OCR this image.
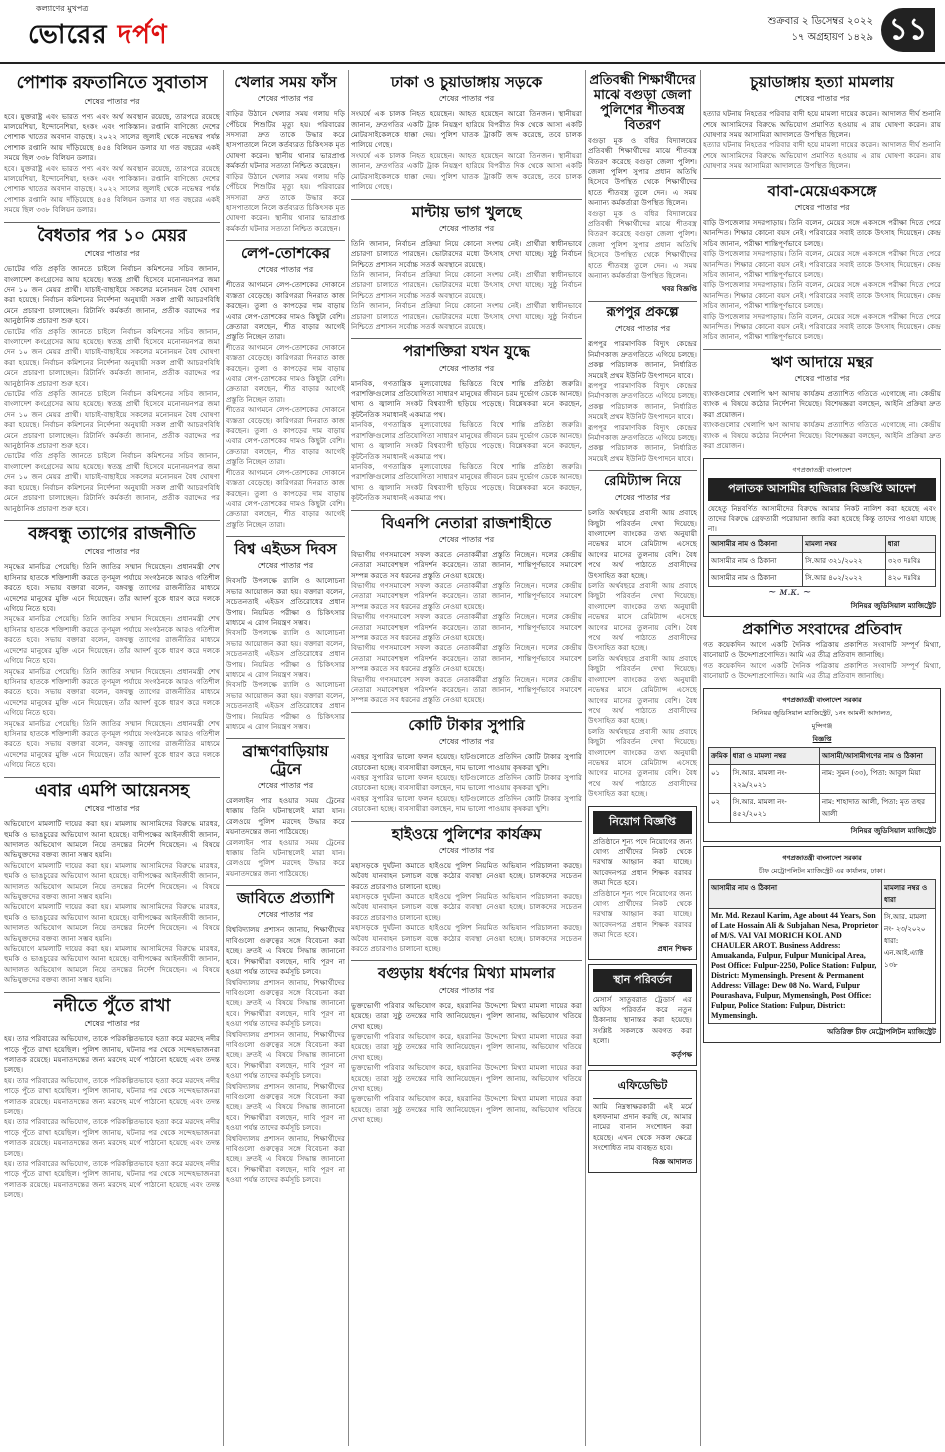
কল্যাণের মুখপত্র
ভোরের দর্পণ	শুক্রবার ২ ডিসেম্বর ২০২২
১৭ অগ্রহায়ণ ১৪২৯ ১১
পোশাক রফতানিতে সুবাতাস
শেষের পাতার পর
হবে। যুক্তরাষ্ট্র এবং ভারত পণ্য এবং অর্থ অবস্থান রয়েছে, তারপরে রয়েছে মালয়েশিয়া, ইন্দোনেশিয়া, হংকং এবং পাকিস্তান। রপ্তানি বাণিজ্যে দেশের পোশাক খাতের অবদান বাড়ছে। ২০২২ সালের জুলাই থেকে নভেম্বর পর্যন্ত পোশাক রপ্তানি আয় দাঁড়িয়েছে ৪৫৪ বিলিয়ন ডলার যা গত বছরের একই সময়ে ছিল ৩৩৮ বিলিয়ন ডলার।
হবে। যুক্তরাষ্ট্র এবং ভারত পণ্য এবং অর্থ অবস্থান রয়েছে, তারপরে রয়েছে মালয়েশিয়া, ইন্দোনেশিয়া, হংকং এবং পাকিস্তান। রপ্তানি বাণিজ্যে দেশের পোশাক খাতের অবদান বাড়ছে। ২০২২ সালের জুলাই থেকে নভেম্বর পর্যন্ত পোশাক রপ্তানি আয় দাঁড়িয়েছে ৪৫৪ বিলিয়ন ডলার যা গত বছরের একই সময়ে ছিল ৩৩৮ বিলিয়ন ডলার।
বৈধতার পর ১০ মেয়র
শেষের পাতার পর
ভোটের গতি প্রকৃতি জানতে চাইলে নির্বাচন কমিশনের সচিব জানান, বাংলাদেশ কংগ্রেসের আয় হয়েছে। স্বতন্ত্র প্রার্থী হিসেবে মনোনয়নপত্র জমা দেন ১০ জন মেয়র প্রার্থী। যাচাই-বাছাইয়ে সকলের মনোনয়ন বৈধ ঘোষণা করা হয়েছে। নির্বাচন কমিশনের নির্দেশনা অনুযায়ী সকল প্রার্থী আচরণবিধি মেনে প্রচারণা চালাচ্ছেন। রিটার্নিং কর্মকর্তা জানান, প্রতীক বরাদ্দের পর আনুষ্ঠানিক প্রচারণা শুরু হবে।
ভোটের গতি প্রকৃতি জানতে চাইলে নির্বাচন কমিশনের সচিব জানান, বাংলাদেশ কংগ্রেসের আয় হয়েছে। স্বতন্ত্র প্রার্থী হিসেবে মনোনয়নপত্র জমা দেন ১০ জন মেয়র প্রার্থী। যাচাই-বাছাইয়ে সকলের মনোনয়ন বৈধ ঘোষণা করা হয়েছে। নির্বাচন কমিশনের নির্দেশনা অনুযায়ী সকল প্রার্থী আচরণবিধি মেনে প্রচারণা চালাচ্ছেন। রিটার্নিং কর্মকর্তা জানান, প্রতীক বরাদ্দের পর আনুষ্ঠানিক প্রচারণা শুরু হবে।
ভোটের গতি প্রকৃতি জানতে চাইলে নির্বাচন কমিশনের সচিব জানান, বাংলাদেশ কংগ্রেসের আয় হয়েছে। স্বতন্ত্র প্রার্থী হিসেবে মনোনয়নপত্র জমা দেন ১০ জন মেয়র প্রার্থী। যাচাই-বাছাইয়ে সকলের মনোনয়ন বৈধ ঘোষণা করা হয়েছে। নির্বাচন কমিশনের নির্দেশনা অনুযায়ী সকল প্রার্থী আচরণবিধি মেনে প্রচারণা চালাচ্ছেন। রিটার্নিং কর্মকর্তা জানান, প্রতীক বরাদ্দের পর আনুষ্ঠানিক প্রচারণা শুরু হবে।
ভোটের গতি প্রকৃতি জানতে চাইলে নির্বাচন কমিশনের সচিব জানান, বাংলাদেশ কংগ্রেসের আয় হয়েছে। স্বতন্ত্র প্রার্থী হিসেবে মনোনয়নপত্র জমা দেন ১০ জন মেয়র প্রার্থী। যাচাই-বাছাইয়ে সকলের মনোনয়ন বৈধ ঘোষণা করা হয়েছে। নির্বাচন কমিশনের নির্দেশনা অনুযায়ী সকল প্রার্থী আচরণবিধি মেনে প্রচারণা চালাচ্ছেন। রিটার্নিং কর্মকর্তা জানান, প্রতীক বরাদ্দের পর আনুষ্ঠানিক প্রচারণা শুরু হবে।
বঙ্গবন্ধু ত্যাগের রাজনীতি
শেষের পাতার পর
সমৃদ্ধের মানচিত্র পেয়েছি। তিনি জাতির সম্মান দিয়েছেন। প্রধানমন্ত্রী শেখ হাসিনার হাতকে শক্তিশালী করতে তৃণমূল পর্যায়ে সংগঠনকে আরও গতিশীল করতে হবে। সভায় বক্তারা বলেন, বঙ্গবন্ধু ত্যাগের রাজনীতির মাধ্যমে এদেশের মানুষের মুক্তি এনে দিয়েছেন। তাঁর আদর্শ বুকে ধারণ করে দলকে এগিয়ে নিতে হবে।
সমৃদ্ধের মানচিত্র পেয়েছি। তিনি জাতির সম্মান দিয়েছেন। প্রধানমন্ত্রী শেখ হাসিনার হাতকে শক্তিশালী করতে তৃণমূল পর্যায়ে সংগঠনকে আরও গতিশীল করতে হবে। সভায় বক্তারা বলেন, বঙ্গবন্ধু ত্যাগের রাজনীতির মাধ্যমে এদেশের মানুষের মুক্তি এনে দিয়েছেন। তাঁর আদর্শ বুকে ধারণ করে দলকে এগিয়ে নিতে হবে।
সমৃদ্ধের মানচিত্র পেয়েছি। তিনি জাতির সম্মান দিয়েছেন। প্রধানমন্ত্রী শেখ হাসিনার হাতকে শক্তিশালী করতে তৃণমূল পর্যায়ে সংগঠনকে আরও গতিশীল করতে হবে। সভায় বক্তারা বলেন, বঙ্গবন্ধু ত্যাগের রাজনীতির মাধ্যমে এদেশের মানুষের মুক্তি এনে দিয়েছেন। তাঁর আদর্শ বুকে ধারণ করে দলকে এগিয়ে নিতে হবে।
সমৃদ্ধের মানচিত্র পেয়েছি। তিনি জাতির সম্মান দিয়েছেন। প্রধানমন্ত্রী শেখ হাসিনার হাতকে শক্তিশালী করতে তৃণমূল পর্যায়ে সংগঠনকে আরও গতিশীল করতে হবে। সভায় বক্তারা বলেন, বঙ্গবন্ধু ত্যাগের রাজনীতির মাধ্যমে এদেশের মানুষের মুক্তি এনে দিয়েছেন। তাঁর আদর্শ বুকে ধারণ করে দলকে এগিয়ে নিতে হবে।
এবার এমপি আয়েনসহ
শেষের পাতার পর
অভিযোগে মামলাটি দায়ের করা হয়। মামলায় আসামিদের বিরুদ্ধে মারধর, হুমকি ও ভাঙচুরের অভিযোগ আনা হয়েছে। বাদীপক্ষের আইনজীবী জানান, আদালত অভিযোগ আমলে নিয়ে তদন্তের নির্দেশ দিয়েছেন। এ বিষয়ে অভিযুক্তদের বক্তব্য জানা সম্ভব হয়নি।
অভিযোগে মামলাটি দায়ের করা হয়। মামলায় আসামিদের বিরুদ্ধে মারধর, হুমকি ও ভাঙচুরের অভিযোগ আনা হয়েছে। বাদীপক্ষের আইনজীবী জানান, আদালত অভিযোগ আমলে নিয়ে তদন্তের নির্দেশ দিয়েছেন। এ বিষয়ে অভিযুক্তদের বক্তব্য জানা সম্ভব হয়নি।
অভিযোগে মামলাটি দায়ের করা হয়। মামলায় আসামিদের বিরুদ্ধে মারধর, হুমকি ও ভাঙচুরের অভিযোগ আনা হয়েছে। বাদীপক্ষের আইনজীবী জানান, আদালত অভিযোগ আমলে নিয়ে তদন্তের নির্দেশ দিয়েছেন। এ বিষয়ে অভিযুক্তদের বক্তব্য জানা সম্ভব হয়নি।
অভিযোগে মামলাটি দায়ের করা হয়। মামলায় আসামিদের বিরুদ্ধে মারধর, হুমকি ও ভাঙচুরের অভিযোগ আনা হয়েছে। বাদীপক্ষের আইনজীবী জানান, আদালত অভিযোগ আমলে নিয়ে তদন্তের নির্দেশ দিয়েছেন। এ বিষয়ে অভিযুক্তদের বক্তব্য জানা সম্ভব হয়নি।
নদীতে পুঁতে রাখা
শেষের পাতার পর
হয়। তার পরিবারের অভিযোগ, তাকে পরিকল্পিতভাবে হত্যা করে মরদেহ নদীর পাড়ে পুঁতে রাখা হয়েছিল। পুলিশ জানায়, ঘটনার পর থেকে সন্দেহভাজনরা পলাতক রয়েছে। ময়নাতদন্তের জন্য মরদেহ মর্গে পাঠানো হয়েছে এবং তদন্ত চলছে।
হয়। তার পরিবারের অভিযোগ, তাকে পরিকল্পিতভাবে হত্যা করে মরদেহ নদীর পাড়ে পুঁতে রাখা হয়েছিল। পুলিশ জানায়, ঘটনার পর থেকে সন্দেহভাজনরা পলাতক রয়েছে। ময়নাতদন্তের জন্য মরদেহ মর্গে পাঠানো হয়েছে এবং তদন্ত চলছে।
হয়। তার পরিবারের অভিযোগ, তাকে পরিকল্পিতভাবে হত্যা করে মরদেহ নদীর পাড়ে পুঁতে রাখা হয়েছিল। পুলিশ জানায়, ঘটনার পর থেকে সন্দেহভাজনরা পলাতক রয়েছে। ময়নাতদন্তের জন্য মরদেহ মর্গে পাঠানো হয়েছে এবং তদন্ত চলছে।
হয়। তার পরিবারের অভিযোগ, তাকে পরিকল্পিতভাবে হত্যা করে মরদেহ নদীর পাড়ে পুঁতে রাখা হয়েছিল। পুলিশ জানায়, ঘটনার পর থেকে সন্দেহভাজনরা পলাতক রয়েছে। ময়নাতদন্তের জন্য মরদেহ মর্গে পাঠানো হয়েছে এবং তদন্ত চলছে।
খেলার সময় ফাঁস
শেষের পাতার পর
বাড়ির উঠানে খেলার সময় গলায় দড়ি পেঁচিয়ে শিশুটির মৃত্যু হয়। পরিবারের সদস্যরা দ্রুত তাকে উদ্ধার করে হাসপাতালে নিলে কর্তব্যরত চিকিৎসক মৃত ঘোষণা করেন। স্থানীয় থানার ভারপ্রাপ্ত কর্মকর্তা ঘটনার সত্যতা নিশ্চিত করেছেন।
বাড়ির উঠানে খেলার সময় গলায় দড়ি পেঁচিয়ে শিশুটির মৃত্যু হয়। পরিবারের সদস্যরা দ্রুত তাকে উদ্ধার করে হাসপাতালে নিলে কর্তব্যরত চিকিৎসক মৃত ঘোষণা করেন। স্থানীয় থানার ভারপ্রাপ্ত কর্মকর্তা ঘটনার সত্যতা নিশ্চিত করেছেন।
লেপ-তোশকের
শেষের পাতার পর
শীতের আগমনে লেপ-তোশকের দোকানে ব্যস্ততা বেড়েছে। কারিগররা দিনরাত কাজ করছেন। তুলা ও কাপড়ের দাম বাড়ায় এবার লেপ-তোশকের দামও কিছুটা বেশি। ক্রেতারা বলছেন, শীত বাড়ার আগেই প্রস্তুতি নিচ্ছেন তারা।
শীতের আগমনে লেপ-তোশকের দোকানে ব্যস্ততা বেড়েছে। কারিগররা দিনরাত কাজ করছেন। তুলা ও কাপড়ের দাম বাড়ায় এবার লেপ-তোশকের দামও কিছুটা বেশি। ক্রেতারা বলছেন, শীত বাড়ার আগেই প্রস্তুতি নিচ্ছেন তারা।
শীতের আগমনে লেপ-তোশকের দোকানে ব্যস্ততা বেড়েছে। কারিগররা দিনরাত কাজ করছেন। তুলা ও কাপড়ের দাম বাড়ায় এবার লেপ-তোশকের দামও কিছুটা বেশি। ক্রেতারা বলছেন, শীত বাড়ার আগেই প্রস্তুতি নিচ্ছেন তারা।
শীতের আগমনে লেপ-তোশকের দোকানে ব্যস্ততা বেড়েছে। কারিগররা দিনরাত কাজ করছেন। তুলা ও কাপড়ের দাম বাড়ায় এবার লেপ-তোশকের দামও কিছুটা বেশি। ক্রেতারা বলছেন, শীত বাড়ার আগেই প্রস্তুতি নিচ্ছেন তারা।
বিশ্ব এইডস দিবস
শেষের পাতার পর
দিবসটি উপলক্ষে র‌্যালি ও আলোচনা সভার আয়োজন করা হয়। বক্তারা বলেন, সচেতনতাই এইডস প্রতিরোধের প্রধান উপায়। নিয়মিত পরীক্ষা ও চিকিৎসার মাধ্যমে এ রোগ নিয়ন্ত্রণ সম্ভব।
দিবসটি উপলক্ষে র‌্যালি ও আলোচনা সভার আয়োজন করা হয়। বক্তারা বলেন, সচেতনতাই এইডস প্রতিরোধের প্রধান উপায়। নিয়মিত পরীক্ষা ও চিকিৎসার মাধ্যমে এ রোগ নিয়ন্ত্রণ সম্ভব।
দিবসটি উপলক্ষে র‌্যালি ও আলোচনা সভার আয়োজন করা হয়। বক্তারা বলেন, সচেতনতাই এইডস প্রতিরোধের প্রধান উপায়। নিয়মিত পরীক্ষা ও চিকিৎসার মাধ্যমে এ রোগ নিয়ন্ত্রণ সম্ভব।
ব্রাহ্মণবাড়িয়ায় ট্রেনে
শেষের পাতার পর
রেললাইন পার হওয়ার সময় ট্রেনের ধাক্কায় তিনি ঘটনাস্থলেই মারা যান। রেলওয়ে পুলিশ মরদেহ উদ্ধার করে ময়নাতদন্তের জন্য পাঠিয়েছে।
রেললাইন পার হওয়ার সময় ট্রেনের ধাক্কায় তিনি ঘটনাস্থলেই মারা যান। রেলওয়ে পুলিশ মরদেহ উদ্ধার করে ময়নাতদন্তের জন্য পাঠিয়েছে।
জাবিতে প্রত্যাশি
শেষের পাতার পর
বিশ্ববিদ্যালয় প্রশাসন জানায়, শিক্ষার্থীদের দাবিগুলো গুরুত্বের সঙ্গে বিবেচনা করা হচ্ছে। দ্রুতই এ বিষয়ে সিদ্ধান্ত জানানো হবে। শিক্ষার্থীরা বলছেন, দাবি পূরণ না হওয়া পর্যন্ত তাদের কর্মসূচি চলবে।
বিশ্ববিদ্যালয় প্রশাসন জানায়, শিক্ষার্থীদের দাবিগুলো গুরুত্বের সঙ্গে বিবেচনা করা হচ্ছে। দ্রুতই এ বিষয়ে সিদ্ধান্ত জানানো হবে। শিক্ষার্থীরা বলছেন, দাবি পূরণ না হওয়া পর্যন্ত তাদের কর্মসূচি চলবে।
বিশ্ববিদ্যালয় প্রশাসন জানায়, শিক্ষার্থীদের দাবিগুলো গুরুত্বের সঙ্গে বিবেচনা করা হচ্ছে। দ্রুতই এ বিষয়ে সিদ্ধান্ত জানানো হবে। শিক্ষার্থীরা বলছেন, দাবি পূরণ না হওয়া পর্যন্ত তাদের কর্মসূচি চলবে।
বিশ্ববিদ্যালয় প্রশাসন জানায়, শিক্ষার্থীদের দাবিগুলো গুরুত্বের সঙ্গে বিবেচনা করা হচ্ছে। দ্রুতই এ বিষয়ে সিদ্ধান্ত জানানো হবে। শিক্ষার্থীরা বলছেন, দাবি পূরণ না হওয়া পর্যন্ত তাদের কর্মসূচি চলবে।
বিশ্ববিদ্যালয় প্রশাসন জানায়, শিক্ষার্থীদের দাবিগুলো গুরুত্বের সঙ্গে বিবেচনা করা হচ্ছে। দ্রুতই এ বিষয়ে সিদ্ধান্ত জানানো হবে। শিক্ষার্থীরা বলছেন, দাবি পূরণ না হওয়া পর্যন্ত তাদের কর্মসূচি চলবে।
ঢাকা ও চুয়াডাঙ্গায় সড়কে
শেষের পাতার পর
সংঘর্ষে এক চালক নিহত হয়েছেন। আহত হয়েছেন আরো তিনজন। স্থানীয়রা জানান, দ্রুতগতির একটি ট্রাক নিয়ন্ত্রণ হারিয়ে বিপরীত দিক থেকে আসা একটি মোটরসাইকেলকে ধাক্কা দেয়। পুলিশ ঘাতক ট্রাকটি জব্দ করেছে, তবে চালক পালিয়ে গেছে।
সংঘর্ষে এক চালক নিহত হয়েছেন। আহত হয়েছেন আরো তিনজন। স্থানীয়রা জানান, দ্রুতগতির একটি ট্রাক নিয়ন্ত্রণ হারিয়ে বিপরীত দিক থেকে আসা একটি মোটরসাইকেলকে ধাক্কা দেয়। পুলিশ ঘাতক ট্রাকটি জব্দ করেছে, তবে চালক পালিয়ে গেছে।
মান্টায় ভাগ খুলছে
শেষের পাতার পর
তিনি জানান, নির্বাচন প্রক্রিয়া নিয়ে কোনো সংশয় নেই। প্রার্থীরা স্বাধীনভাবে প্রচারণা চালাতে পারছেন। ভোটারদের মধ্যে উৎসাহ দেখা যাচ্ছে। সুষ্ঠু নির্বাচন নিশ্চিতে প্রশাসন সর্বোচ্চ সতর্ক অবস্থানে রয়েছে।
তিনি জানান, নির্বাচন প্রক্রিয়া নিয়ে কোনো সংশয় নেই। প্রার্থীরা স্বাধীনভাবে প্রচারণা চালাতে পারছেন। ভোটারদের মধ্যে উৎসাহ দেখা যাচ্ছে। সুষ্ঠু নির্বাচন নিশ্চিতে প্রশাসন সর্বোচ্চ সতর্ক অবস্থানে রয়েছে।
তিনি জানান, নির্বাচন প্রক্রিয়া নিয়ে কোনো সংশয় নেই। প্রার্থীরা স্বাধীনভাবে প্রচারণা চালাতে পারছেন। ভোটারদের মধ্যে উৎসাহ দেখা যাচ্ছে। সুষ্ঠু নির্বাচন নিশ্চিতে প্রশাসন সর্বোচ্চ সতর্ক অবস্থানে রয়েছে।
পরাশক্তিরা যখন যুদ্ধে
শেষের পাতার পর
মানবিক, গণতান্ত্রিক মূল্যবোধের ভিত্তিতে বিশ্বে শান্তি প্রতিষ্ঠা জরুরি। পরাশক্তিগুলোর প্রতিযোগিতা সাধারণ মানুষের জীবনে চরম দুর্ভোগ ডেকে আনছে। খাদ্য ও জ্বালানি সংকট বিশ্বব্যাপী ছড়িয়ে পড়েছে। বিশ্লেষকরা মনে করছেন, কূটনৈতিক সমাধানই একমাত্র পথ।
মানবিক, গণতান্ত্রিক মূল্যবোধের ভিত্তিতে বিশ্বে শান্তি প্রতিষ্ঠা জরুরি। পরাশক্তিগুলোর প্রতিযোগিতা সাধারণ মানুষের জীবনে চরম দুর্ভোগ ডেকে আনছে। খাদ্য ও জ্বালানি সংকট বিশ্বব্যাপী ছড়িয়ে পড়েছে। বিশ্লেষকরা মনে করছেন, কূটনৈতিক সমাধানই একমাত্র পথ।
মানবিক, গণতান্ত্রিক মূল্যবোধের ভিত্তিতে বিশ্বে শান্তি প্রতিষ্ঠা জরুরি। পরাশক্তিগুলোর প্রতিযোগিতা সাধারণ মানুষের জীবনে চরম দুর্ভোগ ডেকে আনছে। খাদ্য ও জ্বালানি সংকট বিশ্বব্যাপী ছড়িয়ে পড়েছে। বিশ্লেষকরা মনে করছেন, কূটনৈতিক সমাধানই একমাত্র পথ।
বিএনপি নেতারা রাজশাহীতে
শেষের পাতার পর
বিভাগীয় গণসমাবেশ সফল করতে নেতাকর্মীরা প্রস্তুতি নিচ্ছেন। দলের কেন্দ্রীয় নেতারা সমাবেশস্থল পরিদর্শন করেছেন। তারা জানান, শান্তিপূর্ণভাবে সমাবেশ সম্পন্ন করতে সব ধরনের প্রস্তুতি নেওয়া হয়েছে।
বিভাগীয় গণসমাবেশ সফল করতে নেতাকর্মীরা প্রস্তুতি নিচ্ছেন। দলের কেন্দ্রীয় নেতারা সমাবেশস্থল পরিদর্শন করেছেন। তারা জানান, শান্তিপূর্ণভাবে সমাবেশ সম্পন্ন করতে সব ধরনের প্রস্তুতি নেওয়া হয়েছে।
বিভাগীয় গণসমাবেশ সফল করতে নেতাকর্মীরা প্রস্তুতি নিচ্ছেন। দলের কেন্দ্রীয় নেতারা সমাবেশস্থল পরিদর্শন করেছেন। তারা জানান, শান্তিপূর্ণভাবে সমাবেশ সম্পন্ন করতে সব ধরনের প্রস্তুতি নেওয়া হয়েছে।
বিভাগীয় গণসমাবেশ সফল করতে নেতাকর্মীরা প্রস্তুতি নিচ্ছেন। দলের কেন্দ্রীয় নেতারা সমাবেশস্থল পরিদর্শন করেছেন। তারা জানান, শান্তিপূর্ণভাবে সমাবেশ সম্পন্ন করতে সব ধরনের প্রস্তুতি নেওয়া হয়েছে।
বিভাগীয় গণসমাবেশ সফল করতে নেতাকর্মীরা প্রস্তুতি নিচ্ছেন। দলের কেন্দ্রীয় নেতারা সমাবেশস্থল পরিদর্শন করেছেন। তারা জানান, শান্তিপূর্ণভাবে সমাবেশ সম্পন্ন করতে সব ধরনের প্রস্তুতি নেওয়া হয়েছে।
কোটি টাকার সুপারি
শেষের পাতার পর
এবছর সুপারির ভালো ফলন হয়েছে। হাটগুলোতে প্রতিদিন কোটি টাকার সুপারি বেচাকেনা হচ্ছে। ব্যবসায়ীরা বলছেন, দাম ভালো পাওয়ায় কৃষকরা খুশি।
এবছর সুপারির ভালো ফলন হয়েছে। হাটগুলোতে প্রতিদিন কোটি টাকার সুপারি বেচাকেনা হচ্ছে। ব্যবসায়ীরা বলছেন, দাম ভালো পাওয়ায় কৃষকরা খুশি।
এবছর সুপারির ভালো ফলন হয়েছে। হাটগুলোতে প্রতিদিন কোটি টাকার সুপারি বেচাকেনা হচ্ছে। ব্যবসায়ীরা বলছেন, দাম ভালো পাওয়ায় কৃষকরা খুশি।
হাইওয়ে পুলিশের কার্যক্রম
শেষের পাতার পর
মহাসড়কে দুর্ঘটনা কমাতে হাইওয়ে পুলিশ নিয়মিত অভিযান পরিচালনা করছে। অবৈধ যানবাহন চলাচল বন্ধে কঠোর ব্যবস্থা নেওয়া হচ্ছে। চালকদের সচেতন করতে প্রচারণাও চালানো হচ্ছে।
মহাসড়কে দুর্ঘটনা কমাতে হাইওয়ে পুলিশ নিয়মিত অভিযান পরিচালনা করছে। অবৈধ যানবাহন চলাচল বন্ধে কঠোর ব্যবস্থা নেওয়া হচ্ছে। চালকদের সচেতন করতে প্রচারণাও চালানো হচ্ছে।
মহাসড়কে দুর্ঘটনা কমাতে হাইওয়ে পুলিশ নিয়মিত অভিযান পরিচালনা করছে। অবৈধ যানবাহন চলাচল বন্ধে কঠোর ব্যবস্থা নেওয়া হচ্ছে। চালকদের সচেতন করতে প্রচারণাও চালানো হচ্ছে।
বগুড়ায় ধর্ষণের মিথ্যা মামলার
শেষের পাতার পর
ভুক্তভোগী পরিবার অভিযোগ করে, হয়রানির উদ্দেশ্যে মিথ্যা মামলা দায়ের করা হয়েছে। তারা সুষ্ঠু তদন্তের দাবি জানিয়েছেন। পুলিশ জানায়, অভিযোগ খতিয়ে দেখা হচ্ছে।
ভুক্তভোগী পরিবার অভিযোগ করে, হয়রানির উদ্দেশ্যে মিথ্যা মামলা দায়ের করা হয়েছে। তারা সুষ্ঠু তদন্তের দাবি জানিয়েছেন। পুলিশ জানায়, অভিযোগ খতিয়ে দেখা হচ্ছে।
ভুক্তভোগী পরিবার অভিযোগ করে, হয়রানির উদ্দেশ্যে মিথ্যা মামলা দায়ের করা হয়েছে। তারা সুষ্ঠু তদন্তের দাবি জানিয়েছেন। পুলিশ জানায়, অভিযোগ খতিয়ে দেখা হচ্ছে।
ভুক্তভোগী পরিবার অভিযোগ করে, হয়রানির উদ্দেশ্যে মিথ্যা মামলা দায়ের করা হয়েছে। তারা সুষ্ঠু তদন্তের দাবি জানিয়েছেন। পুলিশ জানায়, অভিযোগ খতিয়ে দেখা হচ্ছে।
প্রতিবন্ধী শিক্ষার্থীদের মাঝে বগুড়া জেলা পুলিশের শীতবস্ত্র বিতরণ
বগুড়া মূক ও বধির বিদ্যালয়ের প্রতিবন্ধী শিক্ষার্থীদের মাঝে শীতবস্ত্র বিতরণ করেছে বগুড়া জেলা পুলিশ। জেলা পুলিশ সুপার প্রধান অতিথি হিসেবে উপস্থিত থেকে শিক্ষার্থীদের হাতে শীতবস্ত্র তুলে দেন। এ সময় অন্যান্য কর্মকর্তারা উপস্থিত ছিলেন।
বগুড়া মূক ও বধির বিদ্যালয়ের প্রতিবন্ধী শিক্ষার্থীদের মাঝে শীতবস্ত্র বিতরণ করেছে বগুড়া জেলা পুলিশ। জেলা পুলিশ সুপার প্রধান অতিথি হিসেবে উপস্থিত থেকে শিক্ষার্থীদের হাতে শীতবস্ত্র তুলে দেন। এ সময় অন্যান্য কর্মকর্তারা উপস্থিত ছিলেন।
খবর বিজ্ঞপ্তি
রূপপুর প্রকল্পে
শেষের পাতার পর
রূপপুর পারমাণবিক বিদ্যুৎ কেন্দ্রের নির্মাণকাজ দ্রুতগতিতে এগিয়ে চলছে। প্রকল্প পরিচালক জানান, নির্ধারিত সময়েই প্রথম ইউনিট উৎপাদনে যাবে।
রূপপুর পারমাণবিক বিদ্যুৎ কেন্দ্রের নির্মাণকাজ দ্রুতগতিতে এগিয়ে চলছে। প্রকল্প পরিচালক জানান, নির্ধারিত সময়েই প্রথম ইউনিট উৎপাদনে যাবে।
রূপপুর পারমাণবিক বিদ্যুৎ কেন্দ্রের নির্মাণকাজ দ্রুতগতিতে এগিয়ে চলছে। প্রকল্প পরিচালক জানান, নির্ধারিত সময়েই প্রথম ইউনিট উৎপাদনে যাবে।
রেমিট্যান্স নিয়ে
শেষের পাতার পর
চলতি অর্থবছরে প্রবাসী আয় প্রবাহে কিছুটা পরিবর্তন দেখা দিয়েছে। বাংলাদেশ ব্যাংকের তথ্য অনুযায়ী নভেম্বর মাসে রেমিট্যান্স এসেছে আগের মাসের তুলনায় বেশি। বৈধ পথে অর্থ পাঠাতে প্রবাসীদের উৎসাহিত করা হচ্ছে।
চলতি অর্থবছরে প্রবাসী আয় প্রবাহে কিছুটা পরিবর্তন দেখা দিয়েছে। বাংলাদেশ ব্যাংকের তথ্য অনুযায়ী নভেম্বর মাসে রেমিট্যান্স এসেছে আগের মাসের তুলনায় বেশি। বৈধ পথে অর্থ পাঠাতে প্রবাসীদের উৎসাহিত করা হচ্ছে।
চলতি অর্থবছরে প্রবাসী আয় প্রবাহে কিছুটা পরিবর্তন দেখা দিয়েছে। বাংলাদেশ ব্যাংকের তথ্য অনুযায়ী নভেম্বর মাসে রেমিট্যান্স এসেছে আগের মাসের তুলনায় বেশি। বৈধ পথে অর্থ পাঠাতে প্রবাসীদের উৎসাহিত করা হচ্ছে।
চলতি অর্থবছরে প্রবাসী আয় প্রবাহে কিছুটা পরিবর্তন দেখা দিয়েছে। বাংলাদেশ ব্যাংকের তথ্য অনুযায়ী নভেম্বর মাসে রেমিট্যান্স এসেছে আগের মাসের তুলনায় বেশি। বৈধ পথে অর্থ পাঠাতে প্রবাসীদের উৎসাহিত করা হচ্ছে।
নিয়োগ বিজ্ঞপ্তি
প্রতিষ্ঠানে শূন্য পদে নিয়োগের জন্য যোগ্য প্রার্থীদের নিকট থেকে দরখাস্ত আহ্বান করা যাচ্ছে। আবেদনপত্র প্রধান শিক্ষক বরাবর জমা দিতে হবে।
প্রতিষ্ঠানে শূন্য পদে নিয়োগের জন্য যোগ্য প্রার্থীদের নিকট থেকে দরখাস্ত আহ্বান করা যাচ্ছে। আবেদনপত্র প্রধান শিক্ষক বরাবর জমা দিতে হবে।
প্রধান শিক্ষক
স্থান পরিবর্তন
মেসার্স সাতুবরাত ট্রেডার্স এর অফিস পরিবর্তন করে নতুন ঠিকানায় স্থানান্তর করা হয়েছে। সংশ্লিষ্ট সকলকে অবগত করা হলো।
কর্তৃপক্ষ
এফিডেভিট
আমি নিম্নস্বাক্ষরকারী এই মর্মে হলফনামা প্রদান করছি যে, আমার নামের বানান সংশোধন করা হয়েছে। এখন থেকে সকল ক্ষেত্রে সংশোধিত নাম ব্যবহৃত হবে।
বিজ্ঞ আদালত
চুয়াডাঙ্গায় হত্যা মামলায়
শেষের পাতার পর
হত্যার ঘটনায় নিহতের পরিবার বাদী হয়ে মামলা দায়ের করেন। আদালত দীর্ঘ শুনানি শেষে আসামিদের বিরুদ্ধে অভিযোগ প্রমাণিত হওয়ায় এ রায় ঘোষণা করেন। রায় ঘোষণার সময় আসামিরা আদালতে উপস্থিত ছিলেন।
হত্যার ঘটনায় নিহতের পরিবার বাদী হয়ে মামলা দায়ের করেন। আদালত দীর্ঘ শুনানি শেষে আসামিদের বিরুদ্ধে অভিযোগ প্রমাণিত হওয়ায় এ রায় ঘোষণা করেন। রায় ঘোষণার সময় আসামিরা আদালতে উপস্থিত ছিলেন।
বাবা-মেয়েএকসঙ্গে
শেষের পাতার পর
বাড়ি উপজেলার সদরপাড়ায়। তিনি বলেন, মেয়ের সঙ্গে একসঙ্গে পরীক্ষা দিতে পেরে আনন্দিত। শিক্ষার কোনো বয়স নেই। পরিবারের সবাই তাকে উৎসাহ দিয়েছেন। কেন্দ্র সচিব জানান, পরীক্ষা শান্তিপূর্ণভাবে চলছে।
বাড়ি উপজেলার সদরপাড়ায়। তিনি বলেন, মেয়ের সঙ্গে একসঙ্গে পরীক্ষা দিতে পেরে আনন্দিত। শিক্ষার কোনো বয়স নেই। পরিবারের সবাই তাকে উৎসাহ দিয়েছেন। কেন্দ্র সচিব জানান, পরীক্ষা শান্তিপূর্ণভাবে চলছে।
বাড়ি উপজেলার সদরপাড়ায়। তিনি বলেন, মেয়ের সঙ্গে একসঙ্গে পরীক্ষা দিতে পেরে আনন্দিত। শিক্ষার কোনো বয়স নেই। পরিবারের সবাই তাকে উৎসাহ দিয়েছেন। কেন্দ্র সচিব জানান, পরীক্ষা শান্তিপূর্ণভাবে চলছে।
বাড়ি উপজেলার সদরপাড়ায়। তিনি বলেন, মেয়ের সঙ্গে একসঙ্গে পরীক্ষা দিতে পেরে আনন্দিত। শিক্ষার কোনো বয়স নেই। পরিবারের সবাই তাকে উৎসাহ দিয়েছেন। কেন্দ্র সচিব জানান, পরীক্ষা শান্তিপূর্ণভাবে চলছে।
ঋণ আদায়ে মন্থর
শেষের পাতার পর
ব্যাংকগুলোর খেলাপি ঋণ আদায় কার্যক্রম প্রত্যাশিত গতিতে এগোচ্ছে না। কেন্দ্রীয় ব্যাংক এ বিষয়ে কঠোর নির্দেশনা দিয়েছে। বিশেষজ্ঞরা বলছেন, আইনি প্রক্রিয়া দ্রুত করা প্রয়োজন।
ব্যাংকগুলোর খেলাপি ঋণ আদায় কার্যক্রম প্রত্যাশিত গতিতে এগোচ্ছে না। কেন্দ্রীয় ব্যাংক এ বিষয়ে কঠোর নির্দেশনা দিয়েছে। বিশেষজ্ঞরা বলছেন, আইনি প্রক্রিয়া দ্রুত করা প্রয়োজন।
গণপ্রজাতন্ত্রী বাংলাদেশ
পলাতক আসামীর হাজিরার বিজ্ঞপ্তি আদেশ
যেহেতু নিম্নবর্ণিত আসামীদের বিরুদ্ধে আমার নিকট নালিশ করা হয়েছে এবং তাদের বিরুদ্ধে গ্রেফতারী পরোয়ানা জারি করা হয়েছে কিন্তু তাদের পাওয়া যাচ্ছে না।
আসামীর নাম ও ঠিকানা	মামলা নম্বর	ধারা
আসামীর নাম ও ঠিকানা	সি.আর ৩২১/২০২২	৩২৩ দঃবিঃ
আসামীর নাম ও ঠিকানা	সি.আর ৪০২/২০২২	৪২০ দঃবিঃ
~ ᴍ.ᴋ. ~
সিনিয়র জুডিসিয়াল ম্যাজিস্ট্রেট
প্রকাশিত সংবাদের প্রতিবাদ
গত কয়েকদিন আগে একটি দৈনিক পত্রিকায় প্রকাশিত সংবাদটি সম্পূর্ণ মিথ্যা, বানোয়াট ও উদ্দেশ্যপ্রণোদিত। আমি এর তীব্র প্রতিবাদ জানাচ্ছি।
গত কয়েকদিন আগে একটি দৈনিক পত্রিকায় প্রকাশিত সংবাদটি সম্পূর্ণ মিথ্যা, বানোয়াট ও উদ্দেশ্যপ্রণোদিত। আমি এর তীব্র প্রতিবাদ জানাচ্ছি।
গণপ্রজাতন্ত্রী বাংলাদেশ সরকার
সিনিয়র জুডিসিয়াল ম্যাজিস্ট্রেট, ১নং আমলী আদালত,
মুন্সিগঞ্জ
বিজ্ঞপ্তি
ক্রমিক	ধারা ও মামলা নম্বর	আসামী/আসামীগণের নাম ও ঠিকানা
০১	সি.আর. মামলা নং- ২২৯/২০২১	নাম: সুমন (৩৩), পিতা: আবুল মিয়া
০২	সি.আর. মামলা নং- ৪৫২/২০২১	নাম: শাহাদাত আলী, পিতা: মৃত তহুর আলী
সিনিয়র জুডিসিয়াল ম্যাজিস্ট্রেট
গণপ্রজাতন্ত্রী বাংলাদেশ সরকার
চীফ মেট্রোপলিটন ম্যাজিস্ট্রেট এর কার্যালয়, ঢাকা।
আসামীর নাম ও ঠিকানা	মামলার নম্বর ও ধারা
Mr. Md. Rezaul Karim, Age about 44 Years, Son of Late Hossain Ali & Subjahan Nesa, Proprietor of M/S. VAI VAI MORICH KOL AND CHAULER AROT. Business Address: Amuakanda, Fulpur, Fulpur Municipal Area, Post Office: Fulpur-2250, Police Station: Fulpur, District: Mymensingh. Present & Permanent Address: Village: Dew 08 No. Ward, Fulpur Pourashava, Fulpur, Mymensingh, Post Office: Fulpur, Police Station: Fulpur, District: Mymensingh.	সি.আর. মামলা নং- ২৩/২০২০ ধারা: এন.আই.এ্যাক্ট ১৩৮
অতিরিক্ত চীফ মেট্রোপলিটন ম্যাজিস্ট্রেট
